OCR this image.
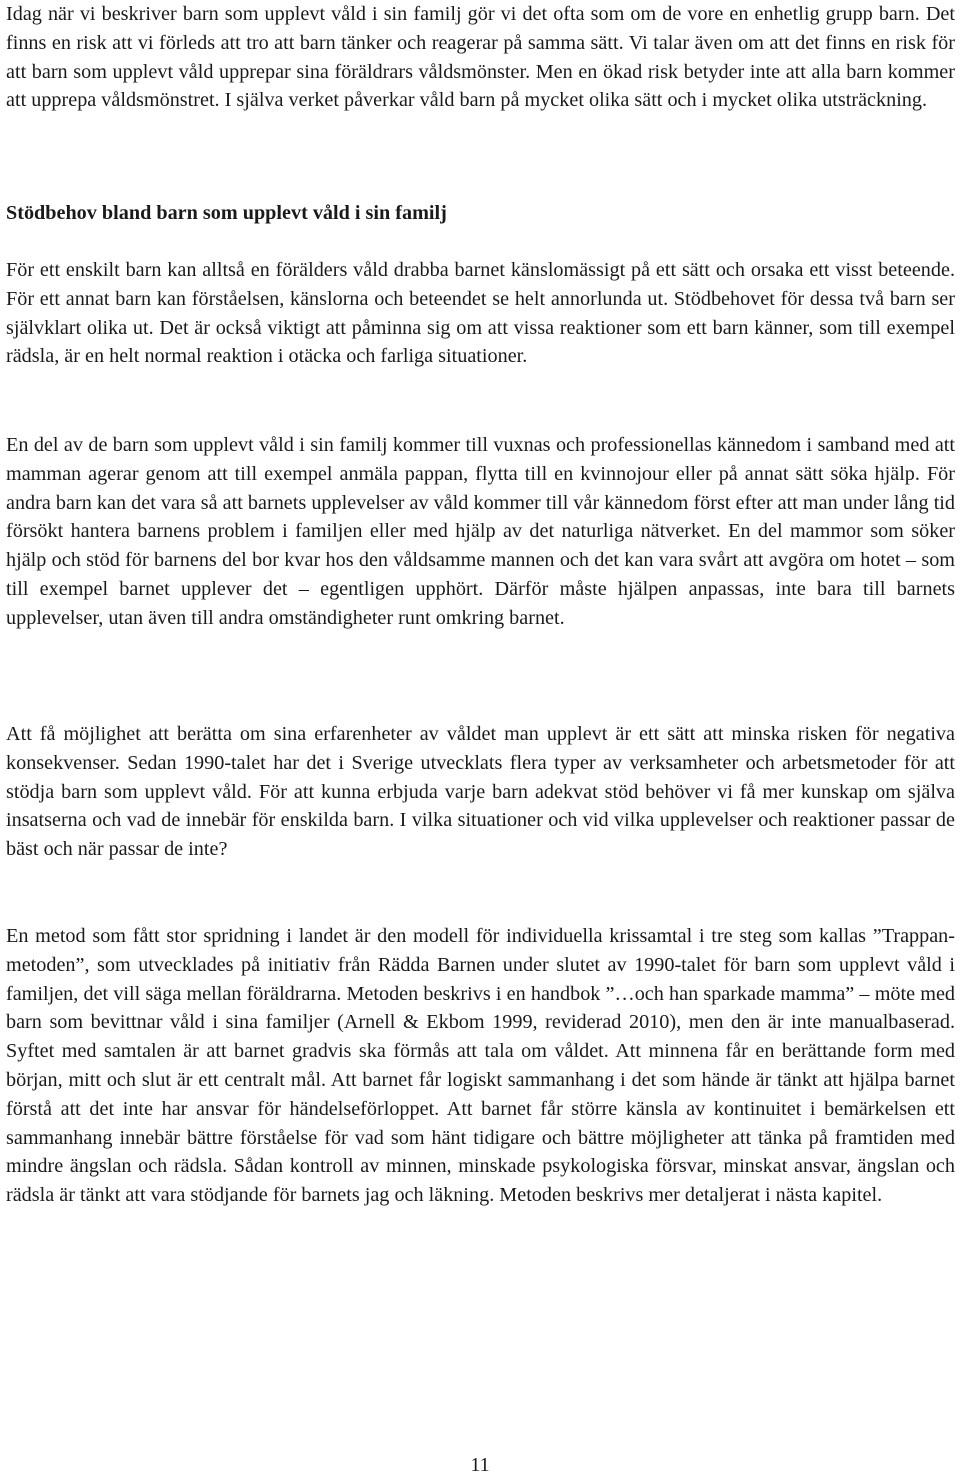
Idag när vi beskriver barn som upplevt våld i sin familj gör vi det ofta som om de vore en enhetlig grupp barn. Det finns en risk att vi förleds att tro att barn tänker och reagerar på samma sätt. Vi talar även om att det finns en risk för att barn som upplevt våld upprepar sina föräldrars våldsmönster. Men en ökad risk betyder inte att alla barn kommer att upprepa våldsmönstret. I själva verket påverkar våld barn på mycket olika sätt och i mycket olika utsträckning.

Stödbehov bland barn som upplevt våld i sin familj

För ett enskilt barn kan alltså en förälders våld drabba barnet känslomässigt på ett sätt och orsaka ett visst beteende. För ett annat barn kan förståelsen, känslorna och beteendet se helt annorlunda ut. Stödbehovet för dessa två barn ser självklart olika ut. Det är också viktigt att påminna sig om att vissa reaktioner som ett barn känner, som till exempel rädsla, är en helt normal reaktion i otäcka och farliga situationer.

En del av de barn som upplevt våld i sin familj kommer till vuxnas och professionellas kännedom i samband med att mamman agerar genom att till exempel anmäla pappan, flytta till en kvinnojour eller på annat sätt söka hjälp. För andra barn kan det vara så att barnets upplevelser av våld kommer till vår kännedom först efter att man under lång tid försökt hantera barnens problem i familjen eller med hjälp av det naturliga nätverket. En del mammor som söker hjälp och stöd för barnens del bor kvar hos den våldsamme mannen och det kan vara svårt att avgöra om hotet – som till exempel barnet upplever det – egentligen upphört. Därför måste hjälpen anpassas, inte bara till barnets upplevelser, utan även till andra omständigheter runt omkring barnet.

Att få möjlighet att berätta om sina erfarenheter av våldet man upplevt är ett sätt att minska risken för negativa konsekvenser. Sedan 1990-talet har det i Sverige utvecklats flera typer av verksamheter och arbetsmetoder för att stödja barn som upplevt våld. För att kunna erbjuda varje barn adekvat stöd behöver vi få mer kunskap om själva insatserna och vad de innebär för enskilda barn. I vilka situationer och vid vilka upplevelser och reaktioner passar de bäst och när passar de inte?

En metod som fått stor spridning i landet är den modell för individuella krissamtal i tre steg som kallas ”Trappan-metoden”, som utvecklades på initiativ från Rädda Barnen under slutet av 1990-talet för barn som upplevt våld i familjen, det vill säga mellan föräldrarna. Metoden beskrivs i en handbok ”…och han sparkade mamma” – möte med barn som bevittnar våld i sina familjer (Arnell & Ekbom 1999, reviderad 2010), men den är inte manualbaserad. Syftet med samtalen är att barnet gradvis ska förmås att tala om våldet. Att minnena får en berättande form med början, mitt och slut är ett centralt mål. Att barnet får logiskt sammanhang i det som hände är tänkt att hjälpa barnet förstå att det inte har ansvar för händelseförloppet. Att barnet får större känsla av kontinuitet i bemärkelsen ett sammanhang innebär bättre förståelse för vad som hänt tidigare och bättre möjligheter att tänka på framtiden med mindre ängslan och rädsla. Sådan kontroll av minnen, minskade psykologiska försvar, minskat ansvar, ängslan och rädsla är tänkt att vara stödjande för barnets jag och läkning. Metoden beskrivs mer detaljerat i nästa kapitel.

11
